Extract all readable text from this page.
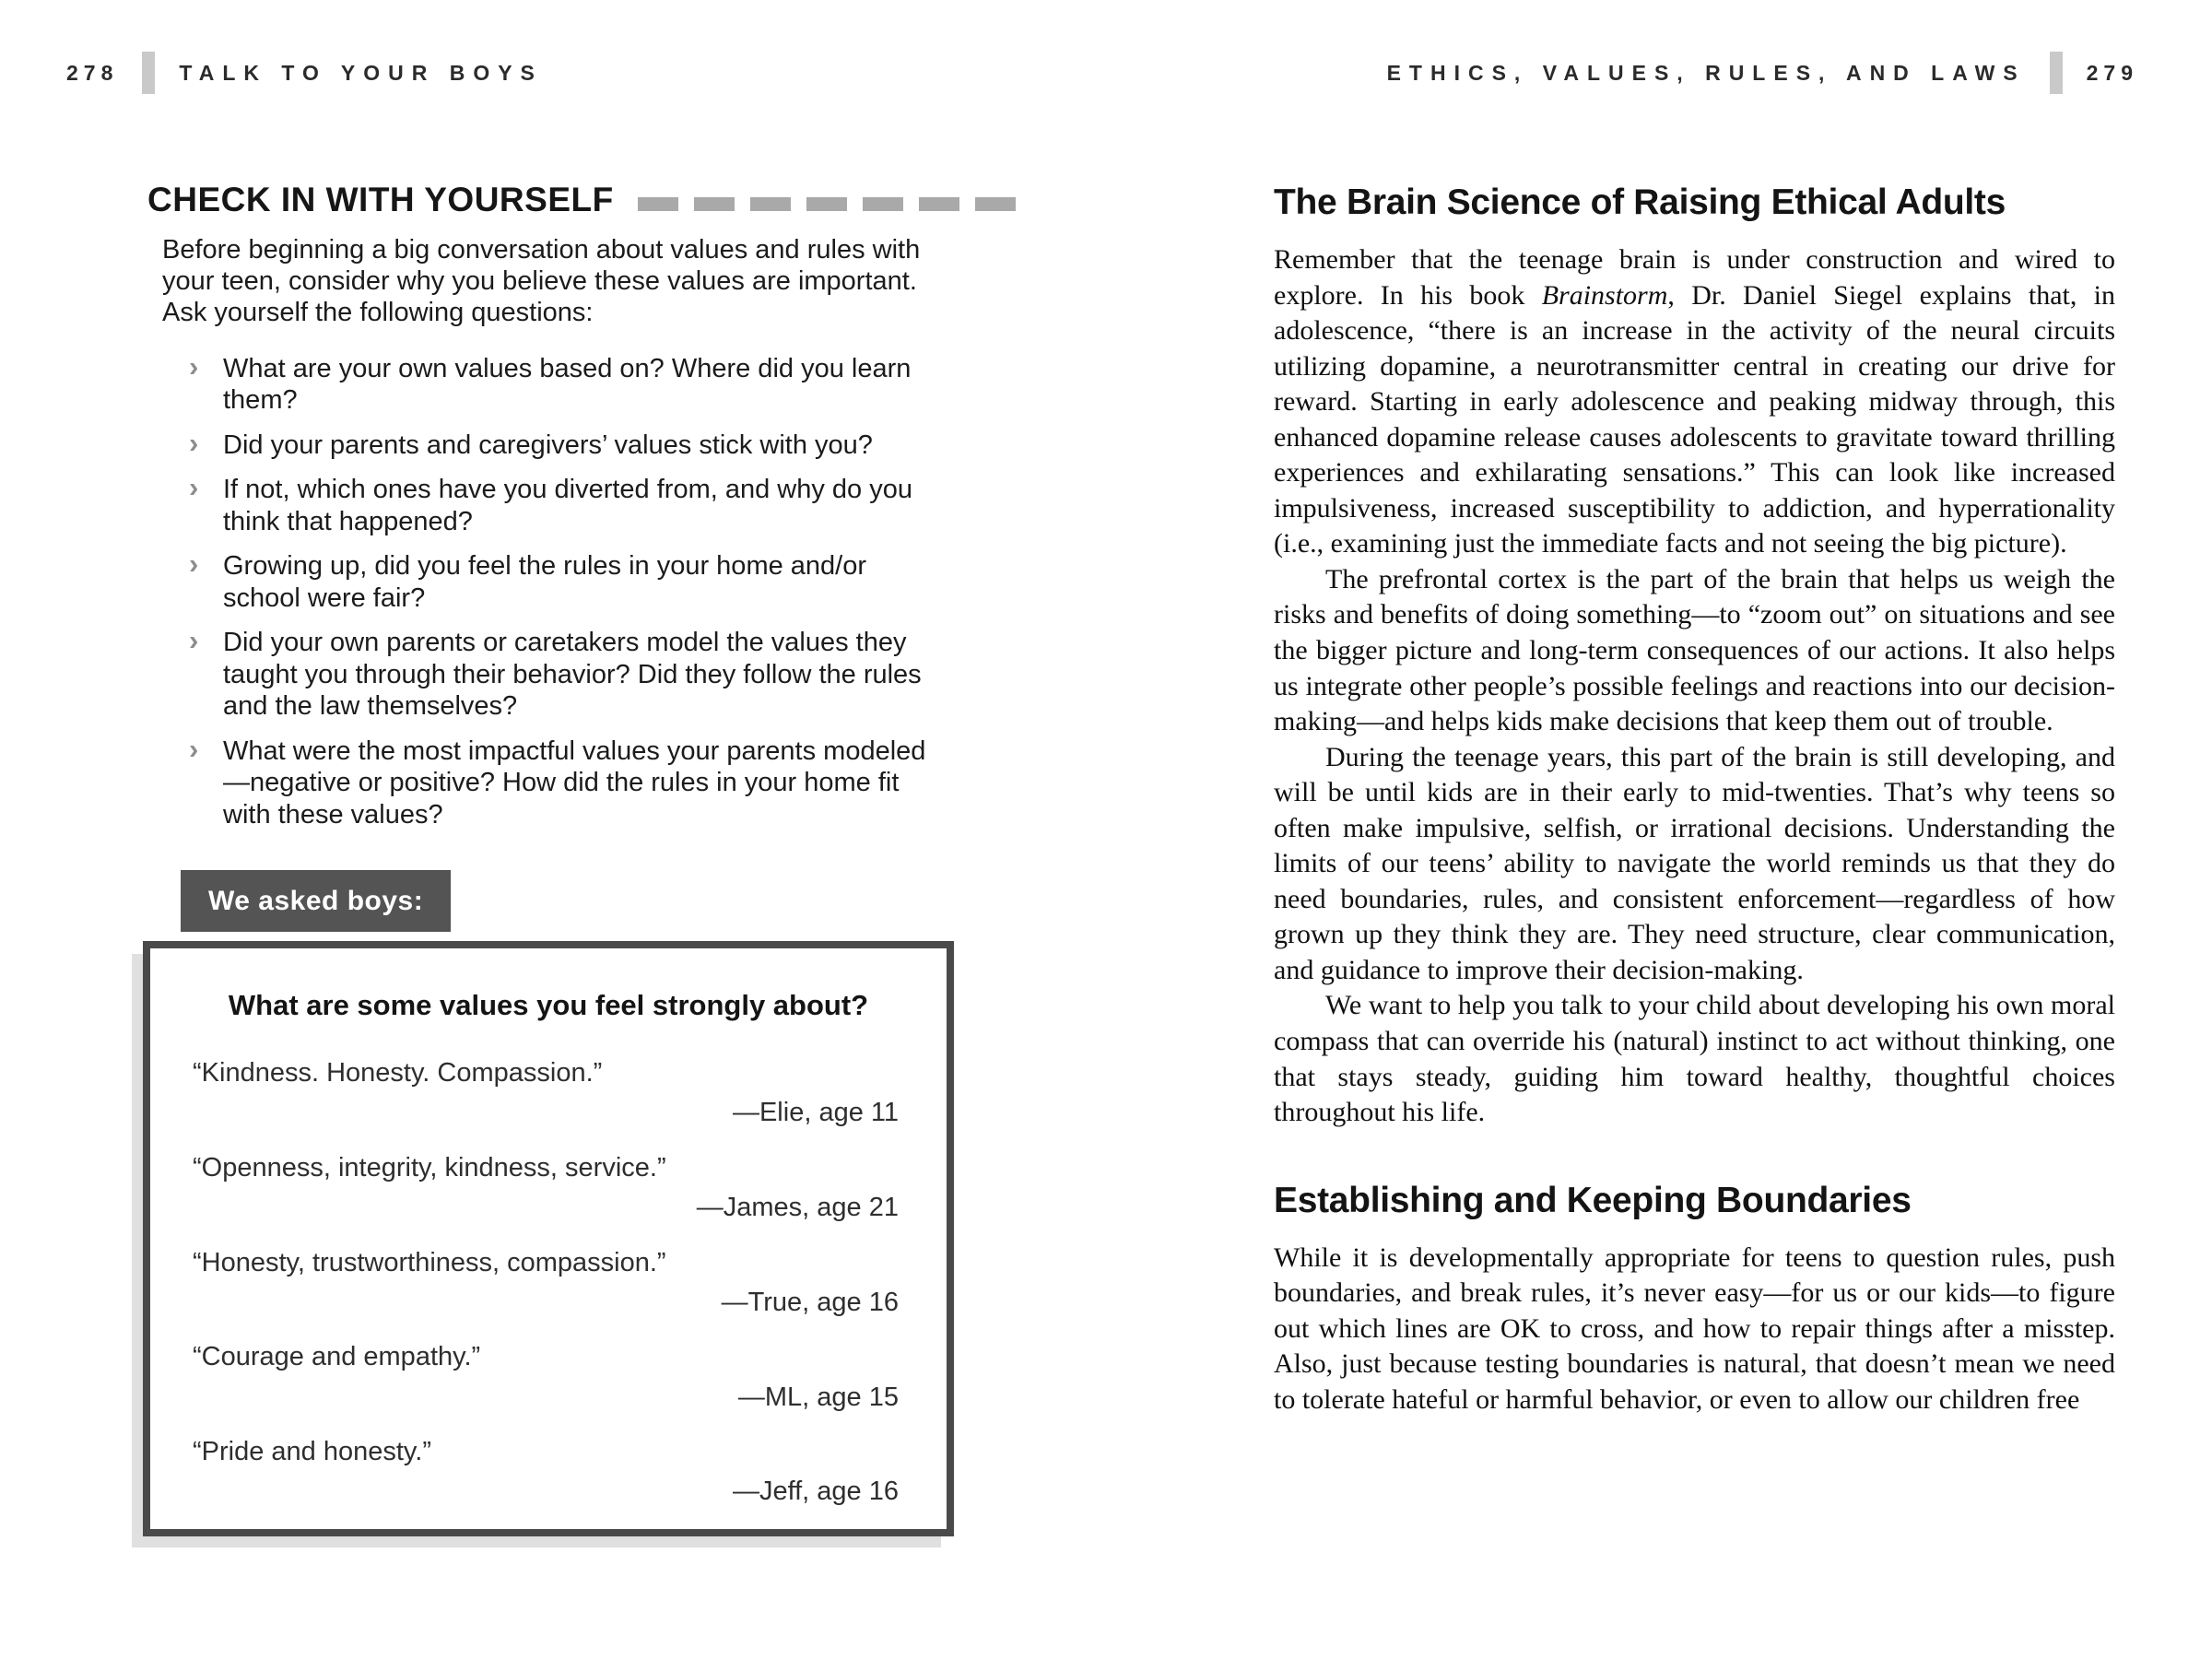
278	TALK TO YOUR BOYS	ETHICS, VALUES, RULES, AND LAWS	279
CHECK IN WITH YOURSELF

Before beginning a big conversation about values and rules with your teen, consider why you believe these values are important. Ask yourself the following questions:

› What are your own values based on? Where did you learn them?
› Did your parents and caregivers’ values stick with you?
› If not, which ones have you diverted from, and why do you think that happened?
› Growing up, did you feel the rules in your home and/or school were fair?
› Did your own parents or caretakers model the values they taught you through their behavior? Did they follow the rules and the law themselves?
› What were the most impactful values your parents modeled—negative or positive? How did the rules in your home fit with these values?
We asked boys:

What are some values you feel strongly about?

“Kindness. Honesty. Compassion.”

—Elie, age 11

“Openness, integrity, kindness, service.”

—James, age 21

“Honesty, trustworthiness, compassion.”

—True, age 16

“Courage and empathy.”

—ML, age 15

“Pride and honesty.”

—Jeff, age 16

The Brain Science of Raising Ethical Adults

Remember that the teenage brain is under construction and wired to explore. In his book Brainstorm, Dr. Daniel Siegel explains that, in adolescence, “there is an increase in the activity of the neural circuits utilizing dopamine, a neurotransmitter central in creating our drive for reward. Starting in early adolescence and peaking midway through, this enhanced dopamine release causes adolescents to gravitate toward thrilling experiences and exhilarating sensations.” This can look like increased impulsiveness, increased susceptibility to addiction, and hyperrationality (i.e., examining just the immediate facts and not seeing the big picture).

The prefrontal cortex is the part of the brain that helps us weigh the risks and benefits of doing something—to “zoom out” on situations and see the bigger picture and long-term consequences of our actions. It also helps us integrate other people’s possible feelings and reactions into our decision-making—and helps kids make decisions that keep them out of trouble.

During the teenage years, this part of the brain is still developing, and will be until kids are in their early to mid-twenties. That’s why teens so often make impulsive, selfish, or irrational decisions. Understanding the limits of our teens’ ability to navigate the world reminds us that they do need boundaries, rules, and consistent enforcement—regardless of how grown up they think they are. They need structure, clear communication, and guidance to improve their decision-making.

We want to help you talk to your child about developing his own moral compass that can override his (natural) instinct to act without thinking, one that stays steady, guiding him toward healthy, thoughtful choices throughout his life.

Establishing and Keeping Boundaries

While it is developmentally appropriate for teens to question rules, push boundaries, and break rules, it’s never easy—for us or our kids—to figure out which lines are OK to cross, and how to repair things after a misstep. Also, just because testing boundaries is natural, that doesn’t mean we need to tolerate hateful or harmful behavior, or even to allow our children free
